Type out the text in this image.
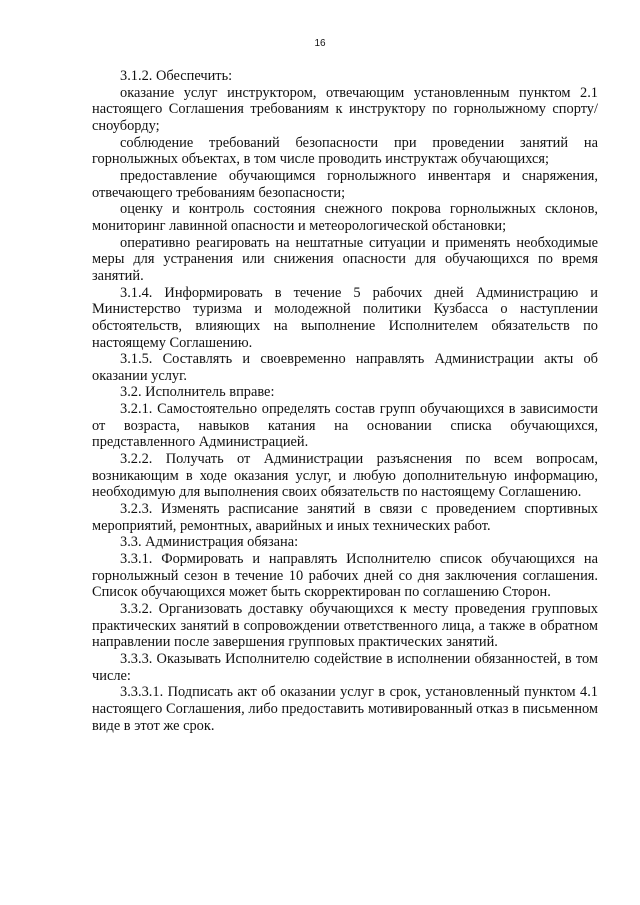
16

3.1.2. Обеспечить:

оказание услуг инструктором, отвечающим установленным пунктом 2.1 настоящего Соглашения требованиям к инструктору по горнолыжному спорту/сноуборду;

соблюдение требований безопасности при проведении занятий на горнолыжных объектах, в том числе проводить инструктаж обучающихся;

предоставление обучающимся горнолыжного инвентаря и снаряжения, отвечающего требованиям безопасности;

оценку и контроль состояния снежного покрова горнолыжных склонов, мониторинг лавинной опасности и метеорологической обстановки;

оперативно реагировать на нештатные ситуации и применять необходимые меры для устранения или снижения опасности для обучающихся по время занятий.

3.1.4. Информировать в течение 5 рабочих дней Администрацию и Министерство туризма и молодежной политики Кузбасса о наступлении обстоятельств, влияющих на выполнение Исполнителем обязательств по настоящему Соглашению.

3.1.5. Составлять и своевременно направлять Администрации акты об оказании услуг.

3.2. Исполнитель вправе:

3.2.1. Самостоятельно определять состав групп обучающихся в зависимости от возраста, навыков катания на основании списка обучающихся, представленного Администрацией.

3.2.2. Получать от Администрации разъяснения по всем вопросам, возникающим в ходе оказания услуг, и любую дополнительную информацию, необходимую для выполнения своих обязательств по настоящему Соглашению.

3.2.3. Изменять расписание занятий в связи с проведением спортивных мероприятий, ремонтных, аварийных и иных технических работ.

3.3. Администрация обязана:

3.3.1. Формировать и направлять Исполнителю список обучающихся на горнолыжный сезон в течение 10 рабочих дней со дня заключения соглашения. Список обучающихся может быть скорректирован по соглашению Сторон.

3.3.2. Организовать доставку обучающихся к месту проведения групповых практических занятий в сопровождении ответственного лица, а также в обратном направлении после завершения групповых практических занятий.

3.3.3. Оказывать Исполнителю содействие в исполнении обязанностей, в том числе:

3.3.3.1. Подписать акт об оказании услуг в срок, установленный пунктом 4.1 настоящего Соглашения, либо предоставить мотивированный отказ в письменном виде в этот же срок.
